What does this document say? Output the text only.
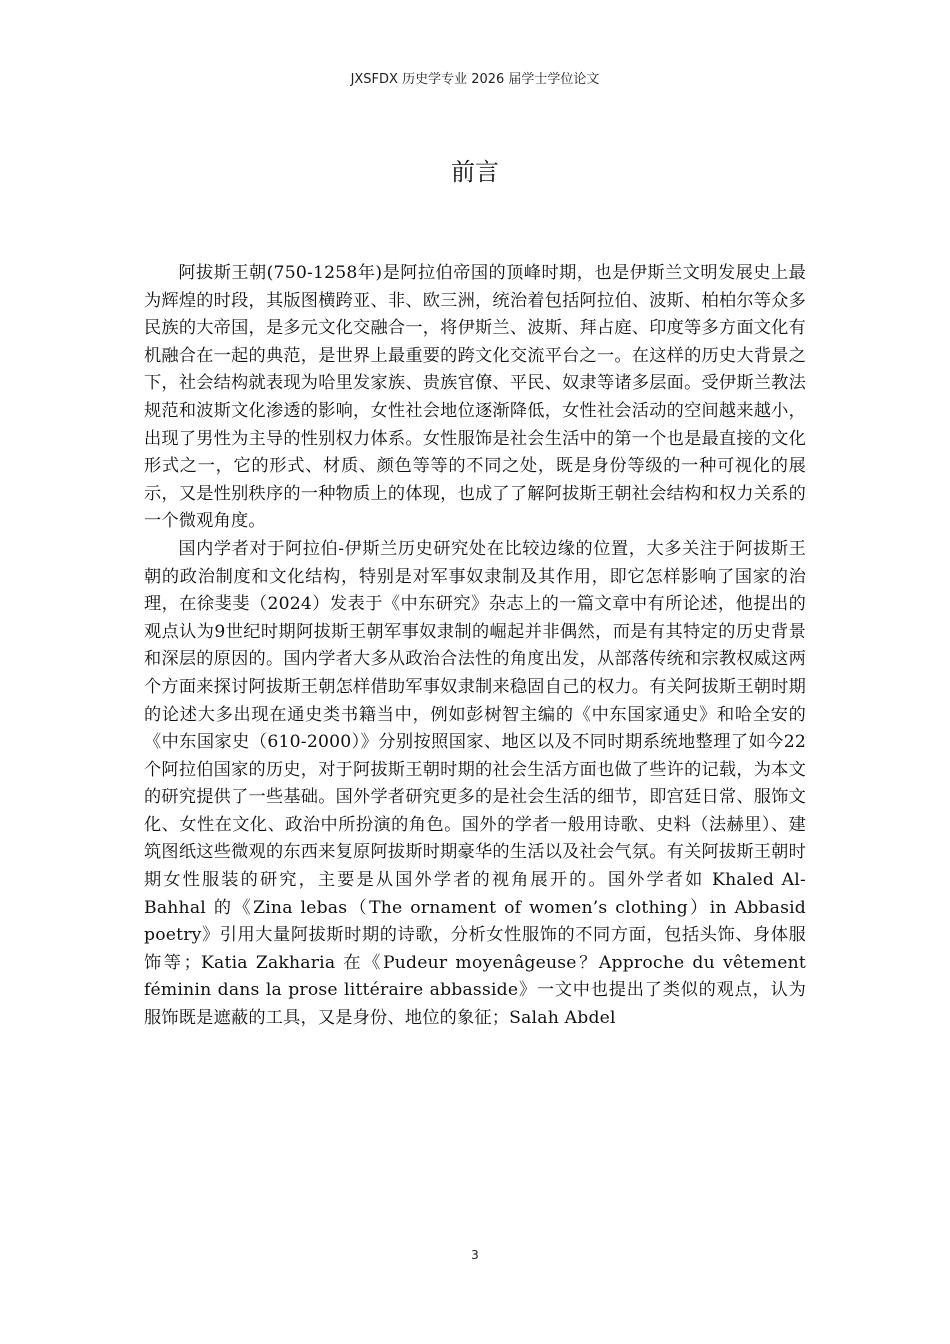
JXSFDX 历史学专业 2026 届学士学位论文
前言

阿拔斯王朝(750-1258年)是阿拉伯帝国的顶峰时期，也是伊斯兰文明发展史上最为辉煌的时段，其版图横跨亚、非、欧三洲，统治着包括阿拉伯、波斯、柏柏尔等众多民族的大帝国，是多元文化交融合一，将伊斯兰、波斯、拜占庭、印度等多方面文化有机融合在一起的典范，是世界上最重要的跨文化交流平台之一。在这样的历史大背景之下，社会结构就表现为哈里发家族、贵族官僚、平民、奴隶等诸多层面。受伊斯兰教法规范和波斯文化渗透的影响，女性社会地位逐渐降低，女性社会活动的空间越来越小，出现了男性为主导的性别权力体系。女性服饰是社会生活中的第一个也是最直接的文化形式之一，它的形式、材质、颜色等等的不同之处，既是身份等级的一种可视化的展示，又是性别秩序的一种物质上的体现，也成了了解阿拔斯王朝社会结构和权力关系的一个微观角度。

国内学者对于阿拉伯-伊斯兰历史研究处在比较边缘的位置，大多关注于阿拔斯王朝的政治制度和文化结构，特别是对军事奴隶制及其作用，即它怎样影响了国家的治理，在徐斐斐（2024）发表于《中东研究》杂志上的一篇文章中有所论述，他提出的观点认为9世纪时期阿拔斯王朝军事奴隶制的崛起并非偶然，而是有其特定的历史背景和深层的原因的。国内学者大多从政治合法性的角度出发，从部落传统和宗教权威这两个方面来探讨阿拔斯王朝怎样借助军事奴隶制来稳固自己的权力。有关阿拔斯王朝时期的论述大多出现在通史类书籍当中，例如彭树智主编的《中东国家通史》和哈全安的《中东国家史（610-2000）》分别按照国家、地区以及不同时期系统地整理了如今22个阿拉伯国家的历史，对于阿拔斯王朝时期的社会生活方面也做了些许的记载，为本文的研究提供了一些基础。国外学者研究更多的是社会生活的细节，即宫廷日常、服饰文化、女性在文化、政治中所扮演的角色。国外的学者一般用诗歌、史料（法赫里）、建筑图纸这些微观的东西来复原阿拔斯时期豪华的生活以及社会气氛。有关阿拔斯王朝时期女性服装的研究，主要是从国外学者的视角展开的。国外学者如 Khaled Al-Bahhal 的《Zina lebas（The ornament of women’s clothing）in Abbasid poetry》引用大量阿拔斯时期的诗歌，分析女性服饰的不同方面，包括头饰、身体服饰等；Katia Zakharia 在《Pudeur moyenâgeuse？Approche du vêtement féminin dans la prose littéraire abbasside》一文中也提出了类似的观点，认为服饰既是遮蔽的工具，又是身份、地位的象征；Salah Abdel

3
